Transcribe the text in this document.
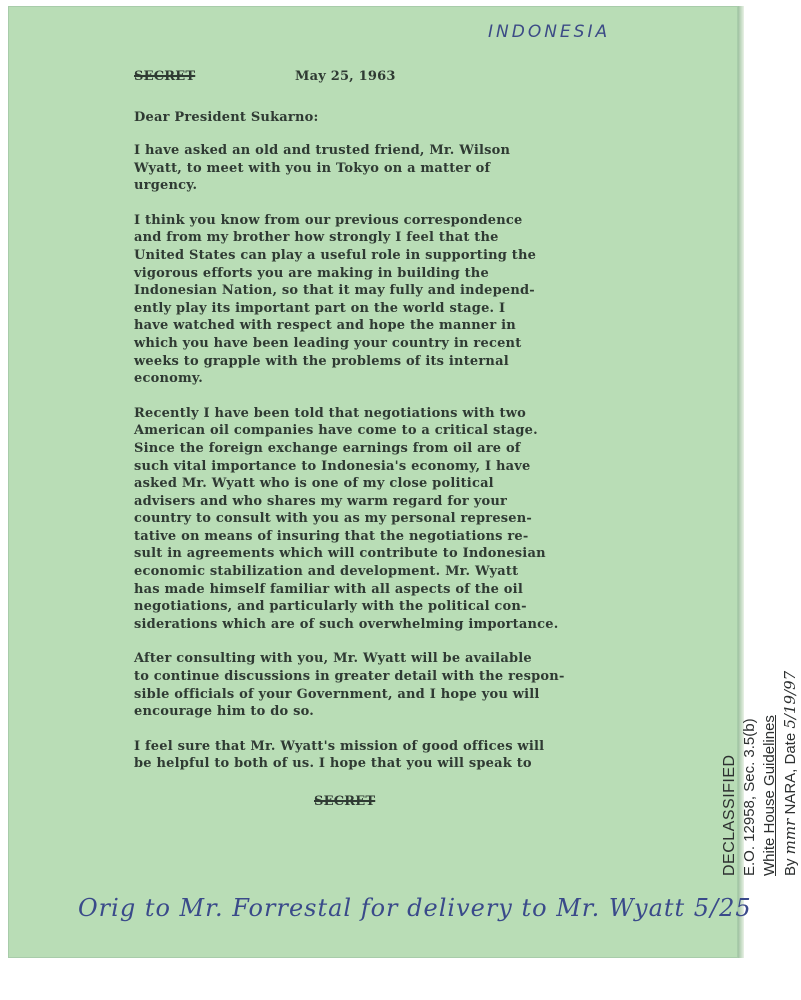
INDONESIA
SECRET	May 25, 1963
Dear President Sukarno:

I have asked an old and trusted friend, Mr. Wilson
Wyatt, to meet with you in Tokyo on a matter of
urgency.

I think you know from our previous correspondence
and from my brother how strongly I feel that the
United States can play a useful role in supporting the
vigorous efforts you are making in building the
Indonesian Nation, so that it may fully and independ-
ently play its important part on the world stage. I
have watched with respect and hope the manner in
which you have been leading your country in recent
weeks to grapple with the problems of its internal
economy.

Recently I have been told that negotiations with two
American oil companies have come to a critical stage.
Since the foreign exchange earnings from oil are of
such vital importance to Indonesia's economy, I have
asked Mr. Wyatt who is one of my close political
advisers and who shares my warm regard for your
country to consult with you as my personal represen-
tative on means of insuring that the negotiations re-
sult in agreements which will contribute to Indonesian
economic stabilization and development. Mr. Wyatt
has made himself familiar with all aspects of the oil
negotiations, and particularly with the political con-
siderations which are of such overwhelming importance.

After consulting with you, Mr. Wyatt will be available
to continue discussions in greater detail with the respon-
sible officials of your Government, and I hope you will
encourage him to do so.

I feel sure that Mr. Wyatt's mission of good offices will
be helpful to both of us. I hope that you will speak to

SECRET
Orig to Mr. Forrestal for delivery to Mr. Wyatt 5/25
DECLASSIFIED E.O. 12958, Sec. 3.5(b) White House Guidelines By mmr NARA, Date 5/19/97
